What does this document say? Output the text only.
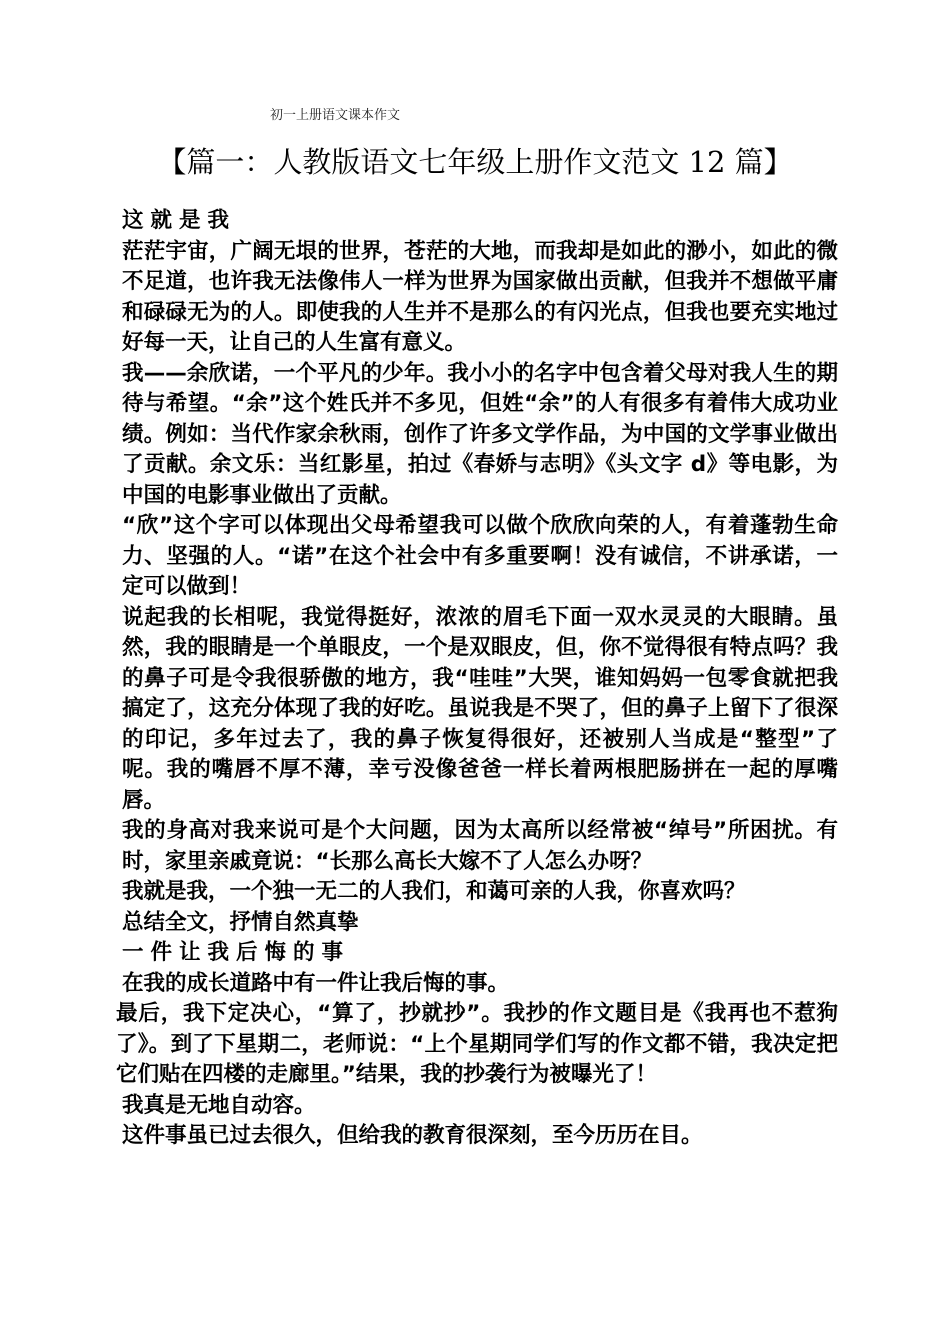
初一上册语文课本作文
【篇一：人教版语文七年级上册作文范文 12 篇】

这就是我

茫茫宇宙，广阔无垠的世界，苍茫的大地，而我却是如此的渺小，如此的微不足道，也许我无法像伟人一样为世界为国家做出贡献，但我并不想做平庸和碌碌无为的人。即使我的人生并不是那么的有闪光点，但我也要充实地过好每一天，让自己的人生富有意义。

我——余欣诺，一个平凡的少年。我小小的名字中包含着父母对我人生的期待与希望。“余”这个姓氏并不多见，但姓“余”的人有很多有着伟大成功业绩。例如：当代作家余秋雨，创作了许多文学作品，为中国的文学事业做出了贡献。余文乐：当红影星，拍过《春娇与志明》《头文字 d》等电影，为中国的电影事业做出了贡献。

“欣”这个字可以体现出父母希望我可以做个欣欣向荣的人，有着蓬勃生命力、坚强的人。“诺”在这个社会中有多重要啊！没有诚信，不讲承诺，一定可以做到！

说起我的长相呢，我觉得挺好，浓浓的眉毛下面一双水灵灵的大眼睛。虽然，我的眼睛是一个单眼皮，一个是双眼皮，但，你不觉得很有特点吗？我的鼻子可是令我很骄傲的地方，我“哇哇”大哭，谁知妈妈一包零食就把我搞定了，这充分体现了我的好吃。虽说我是不哭了，但的鼻子上留下了很深的印记，多年过去了，我的鼻子恢复得很好，还被别人当成是“整型”了呢。我的嘴唇不厚不薄，幸亏没像爸爸一样长着两根肥肠拼在一起的厚嘴唇。

我的身高对我来说可是个大问题，因为太高所以经常被“绰号”所困扰。有时，家里亲戚竟说：“长那么高长大嫁不了人怎么办呀？

我就是我，一个独一无二的人我们，和蔼可亲的人我，你喜欢吗？

总结全文，抒情自然真挚

一件让我后悔的事

在我的成长道路中有一件让我后悔的事。

最后，我下定决心，“算了，抄就抄”。我抄的作文题目是《我再也不惹狗了》。到了下星期二，老师说：“上个星期同学们写的作文都不错，我决定把它们贴在四楼的走廊里。”结果，我的抄袭行为被曝光了！

我真是无地自动容。

这件事虽已过去很久，但给我的教育很深刻，至今历历在目。
